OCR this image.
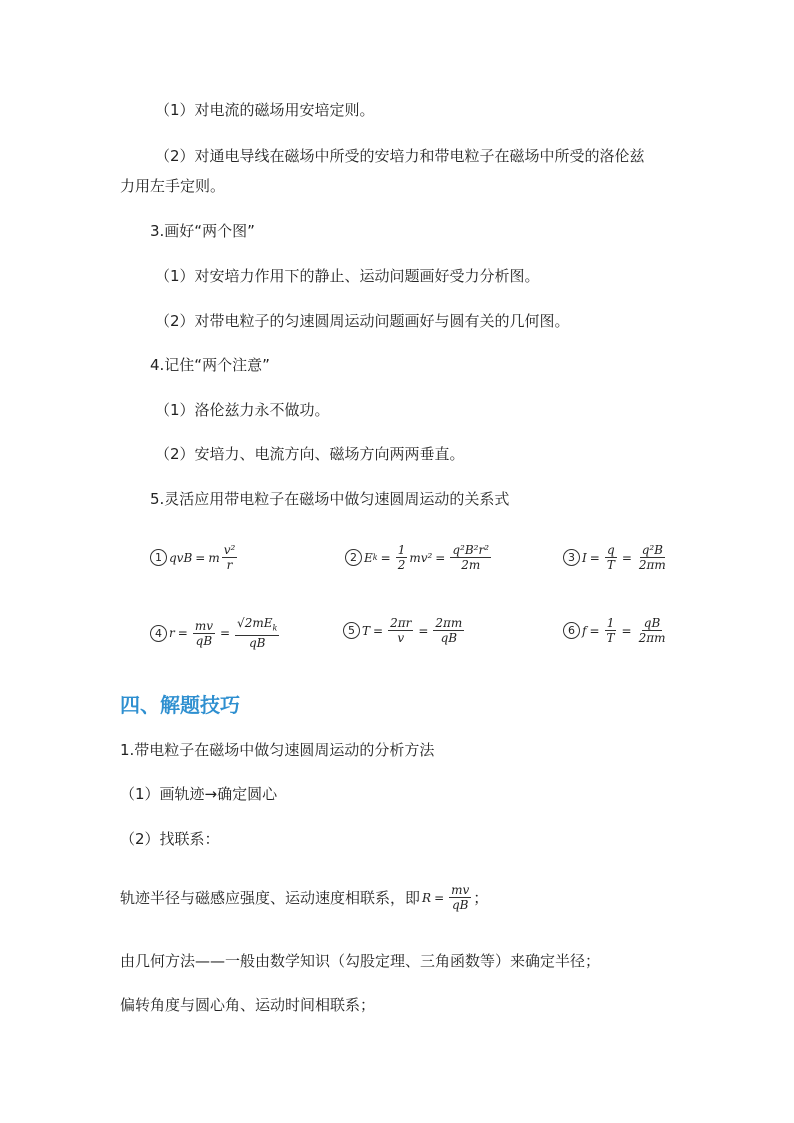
（1）对电流的磁场用安培定则。
（2）对通电导线在磁场中所受的安培力和带电粒子在磁场中所受的洛伦兹
力用左手定则。
3.画好“两个图”
（1）对安培力作用下的静止、运动问题画好受力分析图。
（2）对带电粒子的匀速圆周运动问题画好与圆有关的几何图。
4.记住“两个注意”
（1）洛伦兹力永不做功。
（2）安培力、电流方向、磁场方向两两垂直。
5.灵活应用带电粒子在磁场中做匀速圆周运动的关系式
1 qvB = m $\frac{\text{v²}}{r}$	2 E $k = \frac{1}{2} mv^2 = \frac{\text{q²B²r²}}{2m}$	3 $I = \frac{q}{T} = \frac{\text{q²B}}{2\pi m}$
4 $r = \frac{mv}{qB} = \frac{√2mE_k}{qB}$	5 $T = \frac{2\pi r}{v} = \frac{2\pi m}{qB}$	6 $f = \frac{1}{T} = \frac{qB}{2\pi m}$
四、解题技巧
1.带电粒子在磁场中做匀速圆周运动的分析方法
（1）画轨迹→确定圆心
（2）找联系：
轨迹半径与磁感应强度、运动速度相联系，即 $R = \frac{mv}{qB}$ ；
由几何方法——一般由数学知识（勾股定理、三角函数等）来确定半径；
偏转角度与圆心角、运动时间相联系；
